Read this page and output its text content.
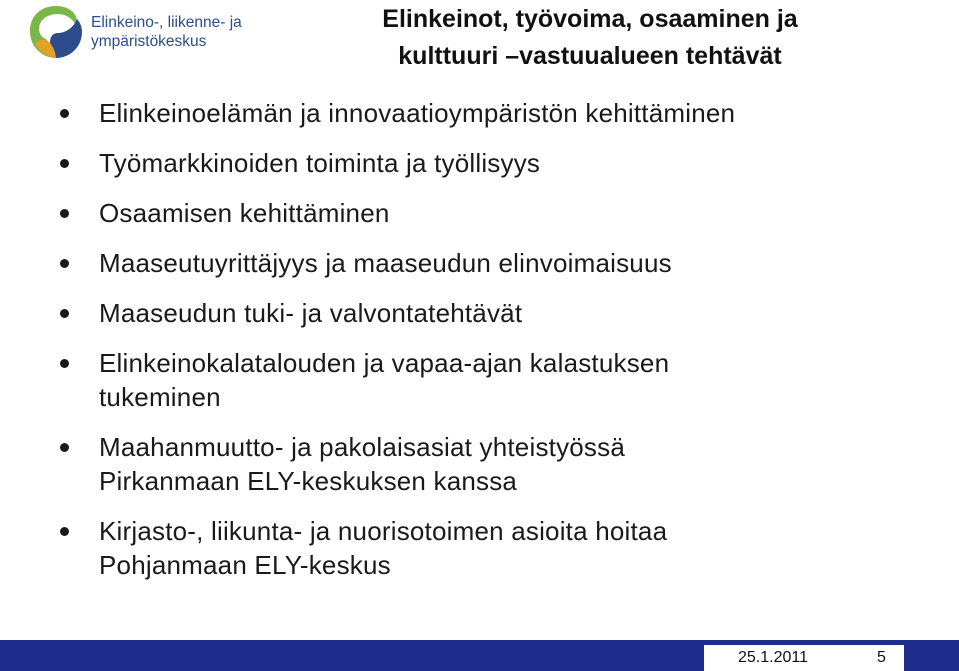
Elinkeino-, liikenne- ja
ympäristökeskus
Elinkeinot, työvoima, osaaminen ja
kulttuuri –vastuualueen tehtävät
Elinkeinoelämän ja innovaatioympäristön kehittäminen
Työmarkkinoiden toiminta ja työllisyys
Osaamisen kehittäminen
Maaseutuyrittäjyys ja maaseudun elinvoimaisuus
Maaseudun tuki- ja valvontatehtävät
Elinkeinokalatalouden ja vapaa-ajan kalastuksen
tukeminen
Maahanmuutto- ja pakolaisasiat yhteistyössä
Pirkanmaan ELY-keskuksen kanssa
Kirjasto-, liikunta- ja nuorisotoimen asioita hoitaa
Pohjanmaan ELY-keskus
25.1.2011	5
